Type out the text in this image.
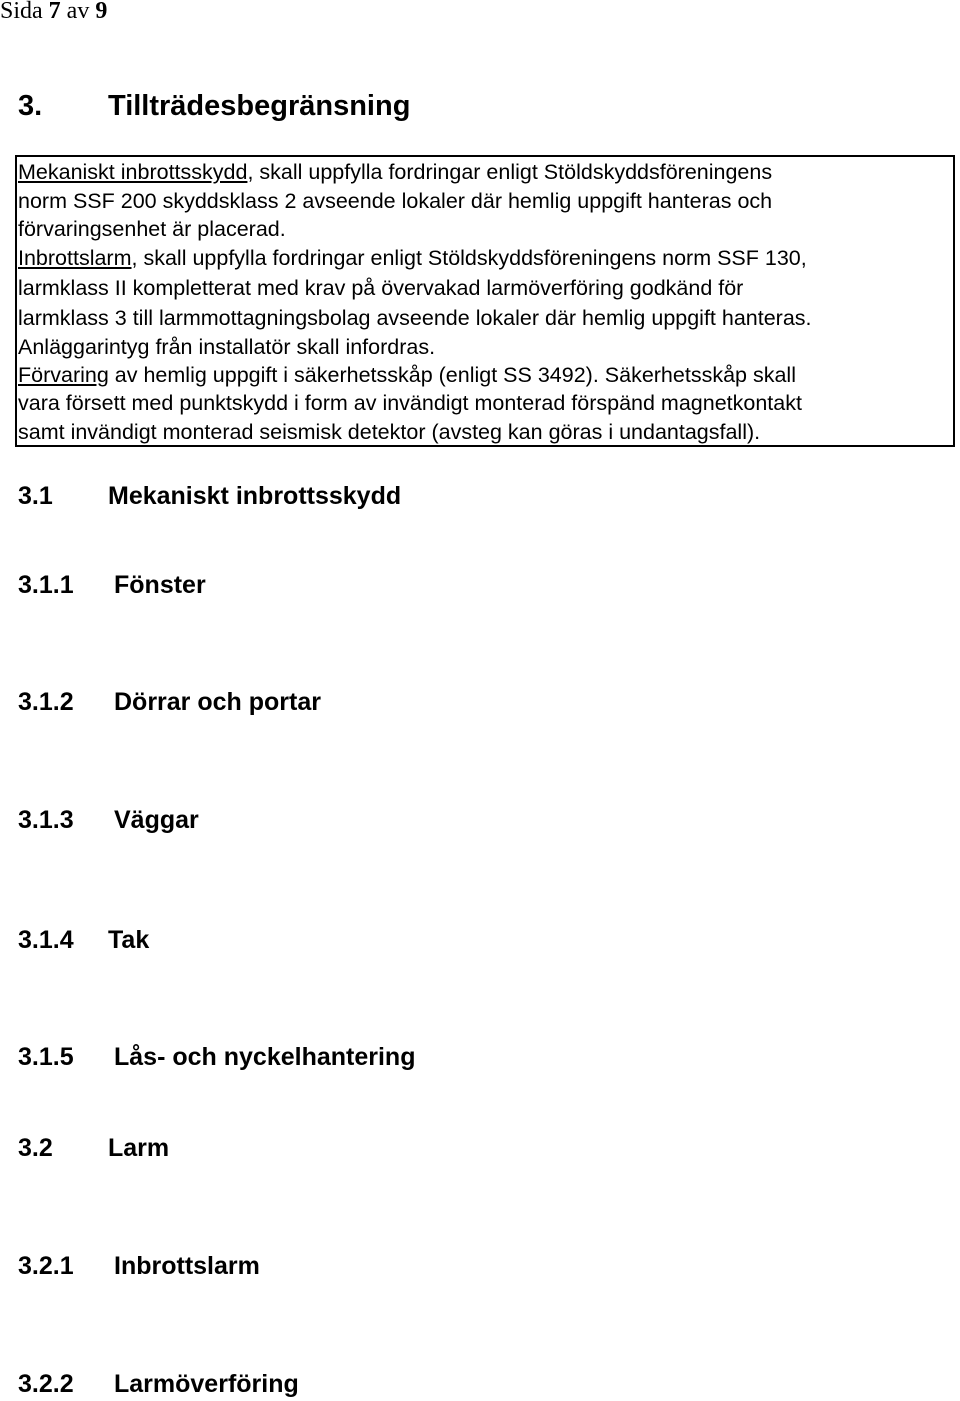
Sida 7 av 9
3. Tillträdesbegränsning
Mekaniskt inbrottsskydd, skall uppfylla fordringar enligt Stöldskyddsföreningens
norm SSF 200 skyddsklass 2 avseende lokaler där hemlig uppgift hanteras och
förvaringsenhet är placerad.
Inbrottslarm, skall uppfylla fordringar enligt Stöldskyddsföreningens norm SSF 130,
larmklass II kompletterat med krav på övervakad larmöverföring godkänd för
larmklass 3 till larmmottagningsbolag avseende lokaler där hemlig uppgift hanteras.
Anläggarintyg från installatör skall infordras.
Förvaring av hemlig uppgift i säkerhetsskåp (enligt SS 3492). Säkerhetsskåp skall
vara försett med punktskydd i form av invändigt monterad förspänd magnetkontakt
samt invändigt monterad seismisk detektor (avsteg kan göras i undantagsfall).
3.1 Mekaniskt inbrottsskydd
3.1.1 Fönster
3.1.2 Dörrar och portar
3.1.3 Väggar
3.1.4 Tak
3.1.5 Lås- och nyckelhantering
3.2 Larm
3.2.1 Inbrottslarm
3.2.2 Larmöverföring
